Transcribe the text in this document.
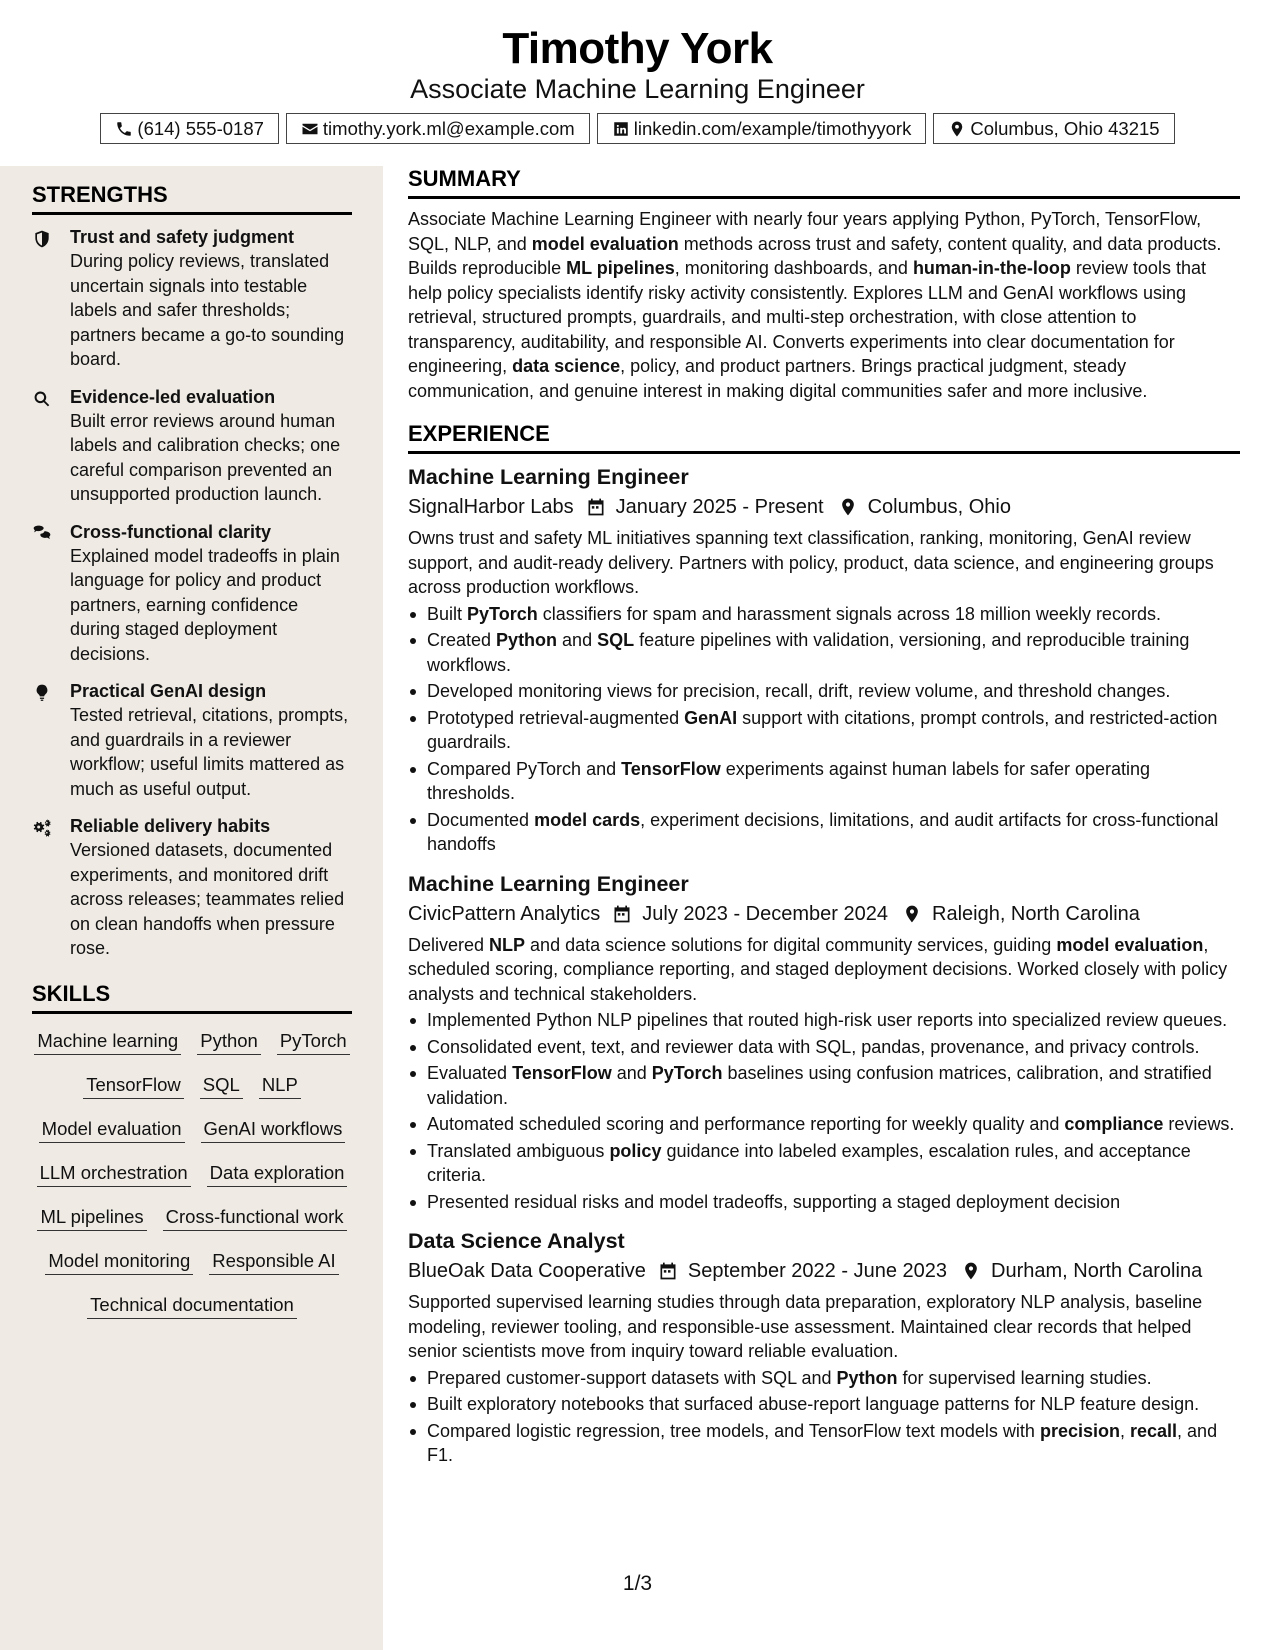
Timothy York
Associate Machine Learning Engineer
(614) 555-0187	timothy.york.ml@example.com	linkedin.com/example/timothyyork	Columbus, Ohio 43215
STRENGTHS
Trust and safety judgment
During policy reviews, translated uncertain signals into testable labels and safer thresholds; partners became a go-to sounding board.
Evidence-led evaluation
Built error reviews around human labels and calibration checks; one careful comparison prevented an unsupported production launch.
Cross-functional clarity
Explained model tradeoffs in plain language for policy and product partners, earning confidence during staged deployment decisions.
Practical GenAI design
Tested retrieval, citations, prompts, and guardrails in a reviewer workflow; useful limits mattered as much as useful output.
Reliable delivery habits
Versioned datasets, documented experiments, and monitored drift across releases; teammates relied on clean handoffs when pressure rose.
SKILLS
Machine learning Python PyTorch
TensorFlow SQL NLP
Model evaluation GenAI workflows
LLM orchestration Data exploration
ML pipelines Cross-functional work
Model monitoring Responsible AI
Technical documentation
SUMMARY

Associate Machine Learning Engineer with nearly four years applying Python, PyTorch, TensorFlow, SQL, NLP, and model evaluation methods across trust and safety, content quality, and data products. Builds reproducible ML pipelines, monitoring dashboards, and human-in-the-loop review tools that help policy specialists identify risky activity consistently. Explores LLM and GenAI workflows using retrieval, structured prompts, guardrails, and multi-step orchestration, with close attention to transparency, auditability, and responsible AI. Converts experiments into clear documentation for engineering, data science, policy, and product partners. Brings practical judgment, steady communication, and genuine interest in making digital communities safer and more inclusive.

EXPERIENCE
Machine Learning Engineer
SignalHarbor Labs January 2025 - Present Columbus, Ohio

Owns trust and safety ML initiatives spanning text classification, ranking, monitoring, GenAI review support, and audit-ready delivery. Partners with policy, product, data science, and engineering groups across production workflows.

Built PyTorch classifiers for spam and harassment signals across 18 million weekly records.
Created Python and SQL feature pipelines with validation, versioning, and reproducible training workflows.
Developed monitoring views for precision, recall, drift, review volume, and threshold changes.
Prototyped retrieval-augmented GenAI support with citations, prompt controls, and restricted-action guardrails.
Compared PyTorch and TensorFlow experiments against human labels for safer operating thresholds.
Documented model cards, experiment decisions, limitations, and audit artifacts for cross-functional handoffs
Machine Learning Engineer
CivicPattern Analytics July 2023 - December 2024 Raleigh, North Carolina

Delivered NLP and data science solutions for digital community services, guiding model evaluation, scheduled scoring, compliance reporting, and staged deployment decisions. Worked closely with policy analysts and technical stakeholders.

Implemented Python NLP pipelines that routed high-risk user reports into specialized review queues.
Consolidated event, text, and reviewer data with SQL, pandas, provenance, and privacy controls.
Evaluated TensorFlow and PyTorch baselines using confusion matrices, calibration, and stratified validation.
Automated scheduled scoring and performance reporting for weekly quality and compliance reviews.
Translated ambiguous policy guidance into labeled examples, escalation rules, and acceptance criteria.
Presented residual risks and model tradeoffs, supporting a staged deployment decision
Data Science Analyst
BlueOak Data Cooperative September 2022 - June 2023 Durham, North Carolina

Supported supervised learning studies through data preparation, exploratory NLP analysis, baseline modeling, reviewer tooling, and responsible-use assessment. Maintained clear records that helped senior scientists move from inquiry toward reliable evaluation.

Prepared customer-support datasets with SQL and Python for supervised learning studies.
Built exploratory notebooks that surfaced abuse-report language patterns for NLP feature design.
Compared logistic regression, tree models, and TensorFlow text models with precision, recall, and F1.
1/3
